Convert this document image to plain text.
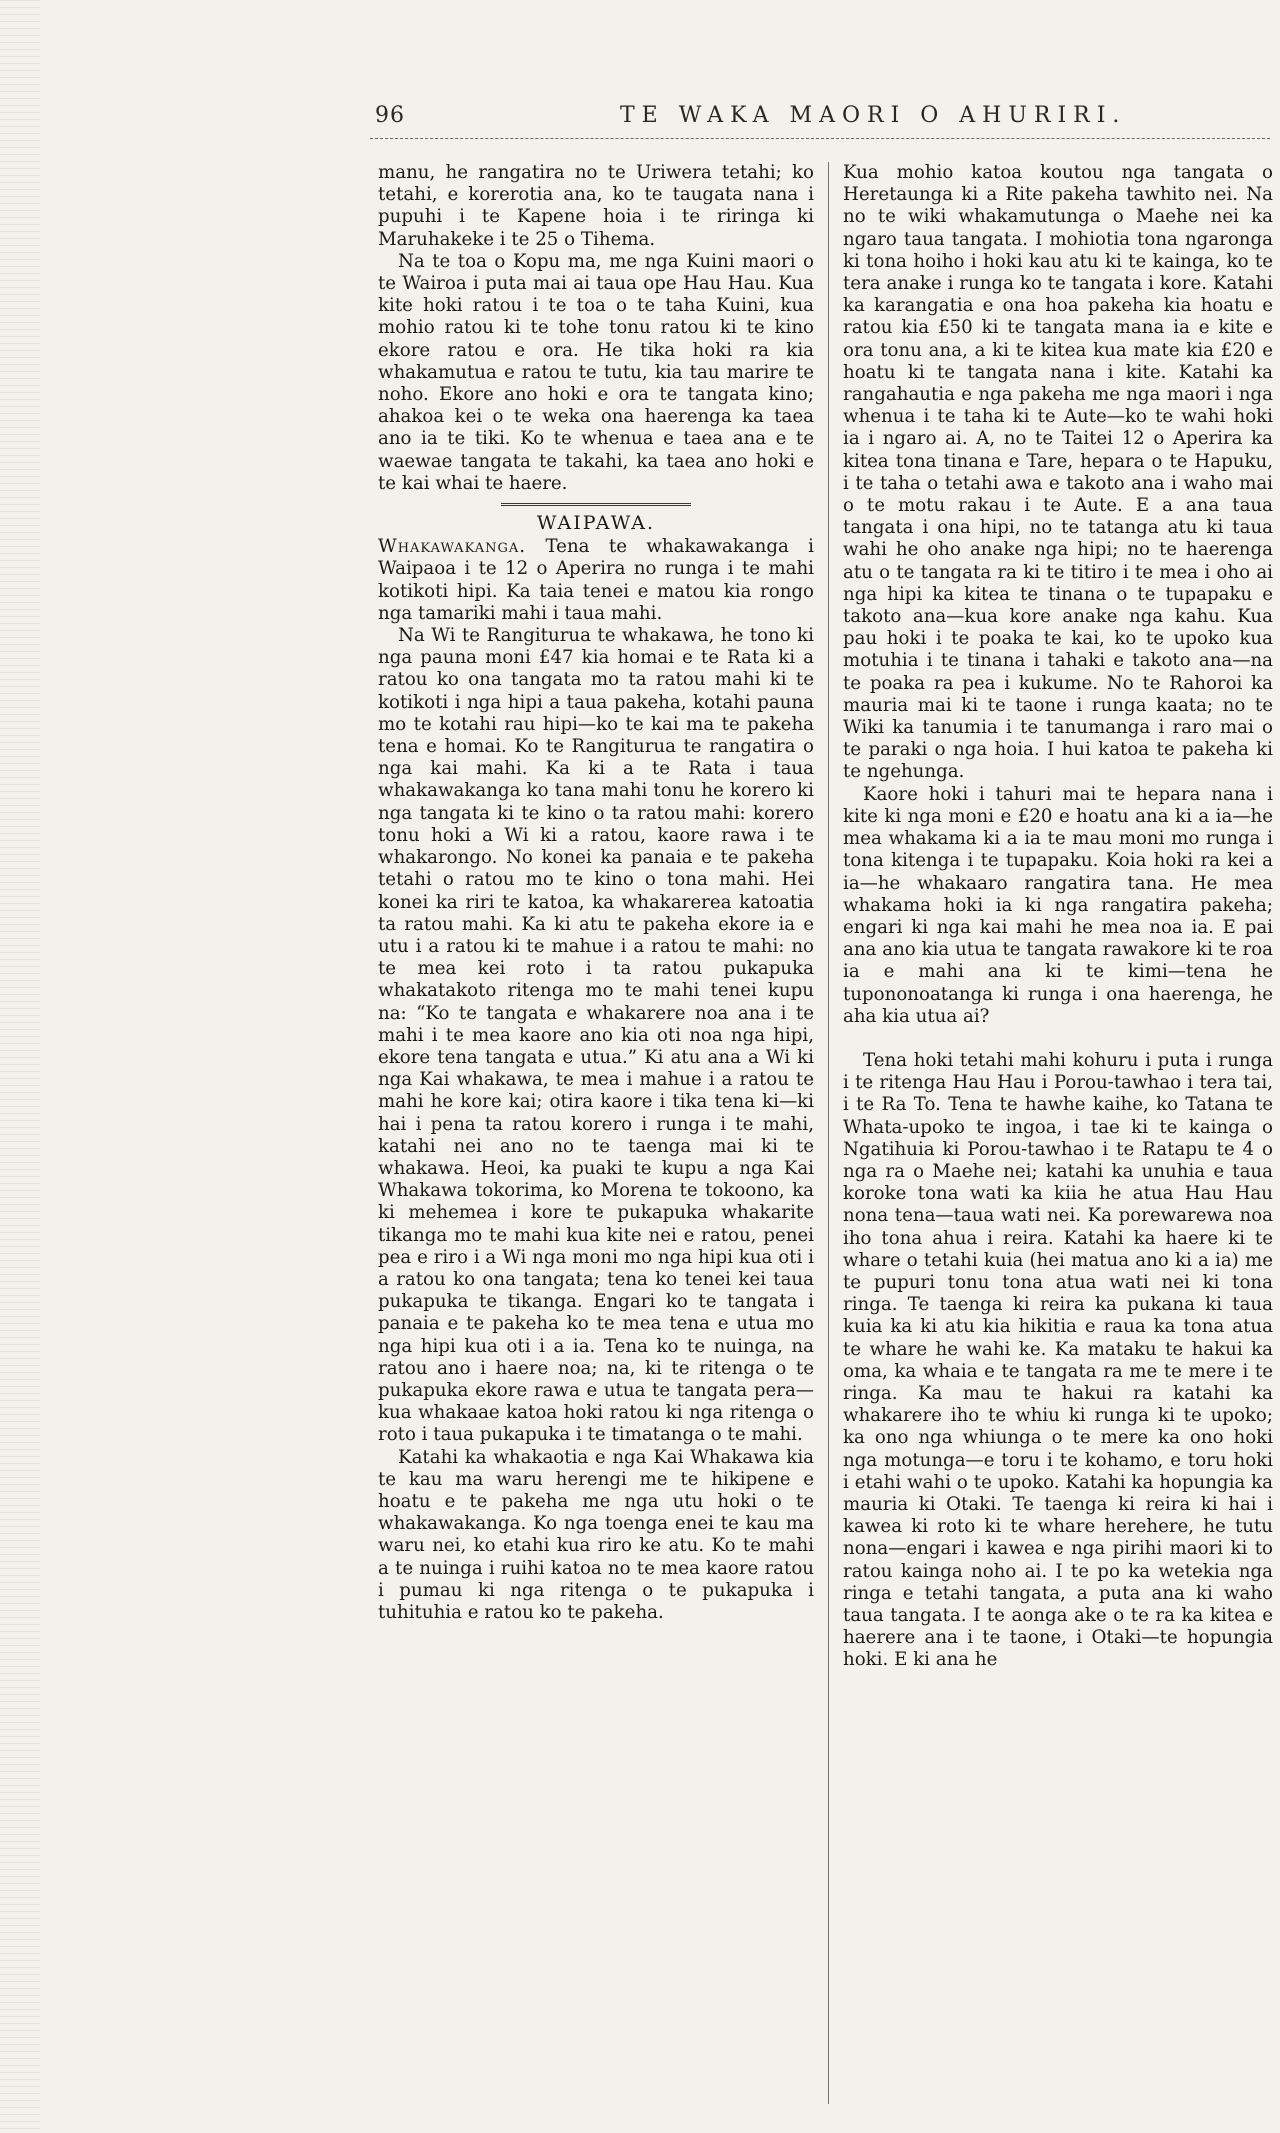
96	TE WAKA MAORI O AHURIRI.

manu, he rangatira no te Uriwera tetahi; ko tetahi, e korerotia ana, ko te taugata nana i pupuhi i te Kapene hoia i te riringa ki Maruhakeke i te 25 o Tihema.

Na te toa o Kopu ma, me nga Kuini maori o te Wairoa i puta mai ai taua ope Hau Hau. Kua kite hoki ratou i te toa o te taha Kuini, kua mohio ratou ki te tohe tonu ratou ki te kino ekore ratou e ora. He tika hoki ra kia whakamutua e ratou te tutu, kia tau marire te noho. Ekore ano hoki e ora te tangata kino; ahakoa kei o te weka ona haerenga ka taea ano ia te tiki. Ko te whenua e taea ana e te waewae tangata te takahi, ka taea ano hoki e te kai whai te haere.

WAIPAWA.

Whakawakanga. Tena te whakawakanga i Waipaoa i te 12 o Aperira no runga i te mahi kotikoti hipi. Ka taia tenei e matou kia rongo nga tamariki mahi i taua mahi.

Na Wi te Rangiturua te whakawa, he tono ki nga pauna moni £47 kia homai e te Rata ki a ratou ko ona tangata mo ta ratou mahi ki te kotikoti i nga hipi a taua pakeha, kotahi pauna mo te kotahi rau hipi—ko te kai ma te pakeha tena e homai. Ko te Rangiturua te rangatira o nga kai mahi. Ka ki a te Rata i taua whakawakanga ko tana mahi tonu he korero ki nga tangata ki te kino o ta ratou mahi: korero tonu hoki a Wi ki a ratou, kaore rawa i te whakarongo. No konei ka panaia e te pakeha tetahi o ratou mo te kino o tona mahi. Hei konei ka riri te katoa, ka whakarerea katoatia ta ratou mahi. Ka ki atu te pakeha ekore ia e utu i a ratou ki te mahue i a ratou te mahi: no te mea kei roto i ta ratou pukapuka whakatakoto ritenga mo te mahi tenei kupu na: “Ko te tangata e whakarere noa ana i te mahi i te mea kaore ano kia oti noa nga hipi, ekore tena tangata e utua.” Ki atu ana a Wi ki nga Kai whakawa, te mea i mahue i a ratou te mahi he kore kai; otira kaore i tika tena ki—ki hai i pena ta ratou korero i runga i te mahi, katahi nei ano no te taenga mai ki te whakawa. Heoi, ka puaki te kupu a nga Kai Whakawa tokorima, ko Morena te tokoono, ka ki mehemea i kore te pukapuka whakarite tikanga mo te mahi kua kite nei e ratou, penei pea e riro i a Wi nga moni mo nga hipi kua oti i a ratou ko ona tangata; tena ko tenei kei taua pukapuka te tikanga. Engari ko te tangata i panaia e te pakeha ko te mea tena e utua mo nga hipi kua oti i a ia. Tena ko te nuinga, na ratou ano i haere noa; na, ki te ritenga o te pukapuka ekore rawa e utua te tangata pera—kua whakaae katoa hoki ratou ki nga ritenga o roto i taua pukapuka i te timatanga o te mahi.

Katahi ka whakaotia e nga Kai Whakawa kia te kau ma waru herengi me te hikipene e hoatu e te pakeha me nga utu hoki o te whakawakanga. Ko nga toenga enei te kau ma waru nei, ko etahi kua riro ke atu. Ko te mahi a te nuinga i ruihi katoa no te mea kaore ratou i pumau ki nga ritenga o te pukapuka i tuhituhia e ratou ko te pakeha.

Kua mohio katoa koutou nga tangata o Heretaunga ki a Rite pakeha tawhito nei. Na no te wiki whakamutunga o Maehe nei ka ngaro taua tangata. I mohiotia tona ngaronga ki tona hoiho i hoki kau atu ki te kainga, ko te tera anake i runga ko te tangata i kore. Katahi ka karangatia e ona hoa pakeha kia hoatu e ratou kia £50 ki te tangata mana ia e kite e ora tonu ana, a ki te kitea kua mate kia £20 e hoatu ki te tangata nana i kite. Katahi ka rangahautia e nga pakeha me nga maori i nga whenua i te taha ki te Aute—ko te wahi hoki ia i ngaro ai. A, no te Taitei 12 o Aperira ka kitea tona tinana e Tare, hepara o te Hapuku, i te taha o tetahi awa e takoto ana i waho mai o te motu rakau i te Aute. E a ana taua tangata i ona hipi, no te tatanga atu ki taua wahi he oho anake nga hipi; no te haerenga atu o te tangata ra ki te titiro i te mea i oho ai nga hipi ka kitea te tinana o te tupapaku e takoto ana—kua kore anake nga kahu. Kua pau hoki i te poaka te kai, ko te upoko kua motuhia i te tinana i tahaki e takoto ana—na te poaka ra pea i kukume. No te Rahoroi ka mauria mai ki te taone i runga kaata; no te Wiki ka tanumia i te tanumanga i raro mai o te paraki o nga hoia. I hui katoa te pakeha ki te ngehunga.

Kaore hoki i tahuri mai te hepara nana i kite ki nga moni e £20 e hoatu ana ki a ia—he mea whakama ki a ia te mau moni mo runga i tona kitenga i te tupapaku. Koia hoki ra kei a ia—he whakaaro rangatira tana. He mea whakama hoki ia ki nga rangatira pakeha; engari ki nga kai mahi he mea noa ia. E pai ana ano kia utua te tangata rawakore ki te roa ia e mahi ana ki te kimi—tena he tupononoatanga ki runga i ona haerenga, he aha kia utua ai?

Tena hoki tetahi mahi kohuru i puta i runga i te ritenga Hau Hau i Porou-tawhao i tera tai, i te Ra To. Tena te hawhe kaihe, ko Tatana te Whata-upoko te ingoa, i tae ki te kainga o Ngatihuia ki Porou-tawhao i te Ratapu te 4 o nga ra o Maehe nei; katahi ka unuhia e taua koroke tona wati ka kiia he atua Hau Hau nona tena—taua wati nei. Ka porewarewa noa iho tona ahua i reira. Katahi ka haere ki te whare o tetahi kuia (hei matua ano ki a ia) me te pupuri tonu tona atua wati nei ki tona ringa. Te taenga ki reira ka pukana ki taua kuia ka ki atu kia hikitia e raua ka tona atua te whare he wahi ke. Ka mataku te hakui ka oma, ka whaia e te tangata ra me te mere i te ringa. Ka mau te hakui ra katahi ka whakarere iho te whiu ki runga ki te upoko; ka ono nga whiunga o te mere ka ono hoki nga motunga—e toru i te kohamo, e toru hoki i etahi wahi o te upoko. Katahi ka hopungia ka mauria ki Otaki. Te taenga ki reira ki hai i kawea ki roto ki te whare herehere, he tutu nona—engari i kawea e nga pirihi maori ki to ratou kainga noho ai. I te po ka wetekia nga ringa e tetahi tangata, a puta ana ki waho taua tangata. I te aonga ake o te ra ka kitea e haerere ana i te taone, i Otaki—te hopungia hoki. E ki ana he
